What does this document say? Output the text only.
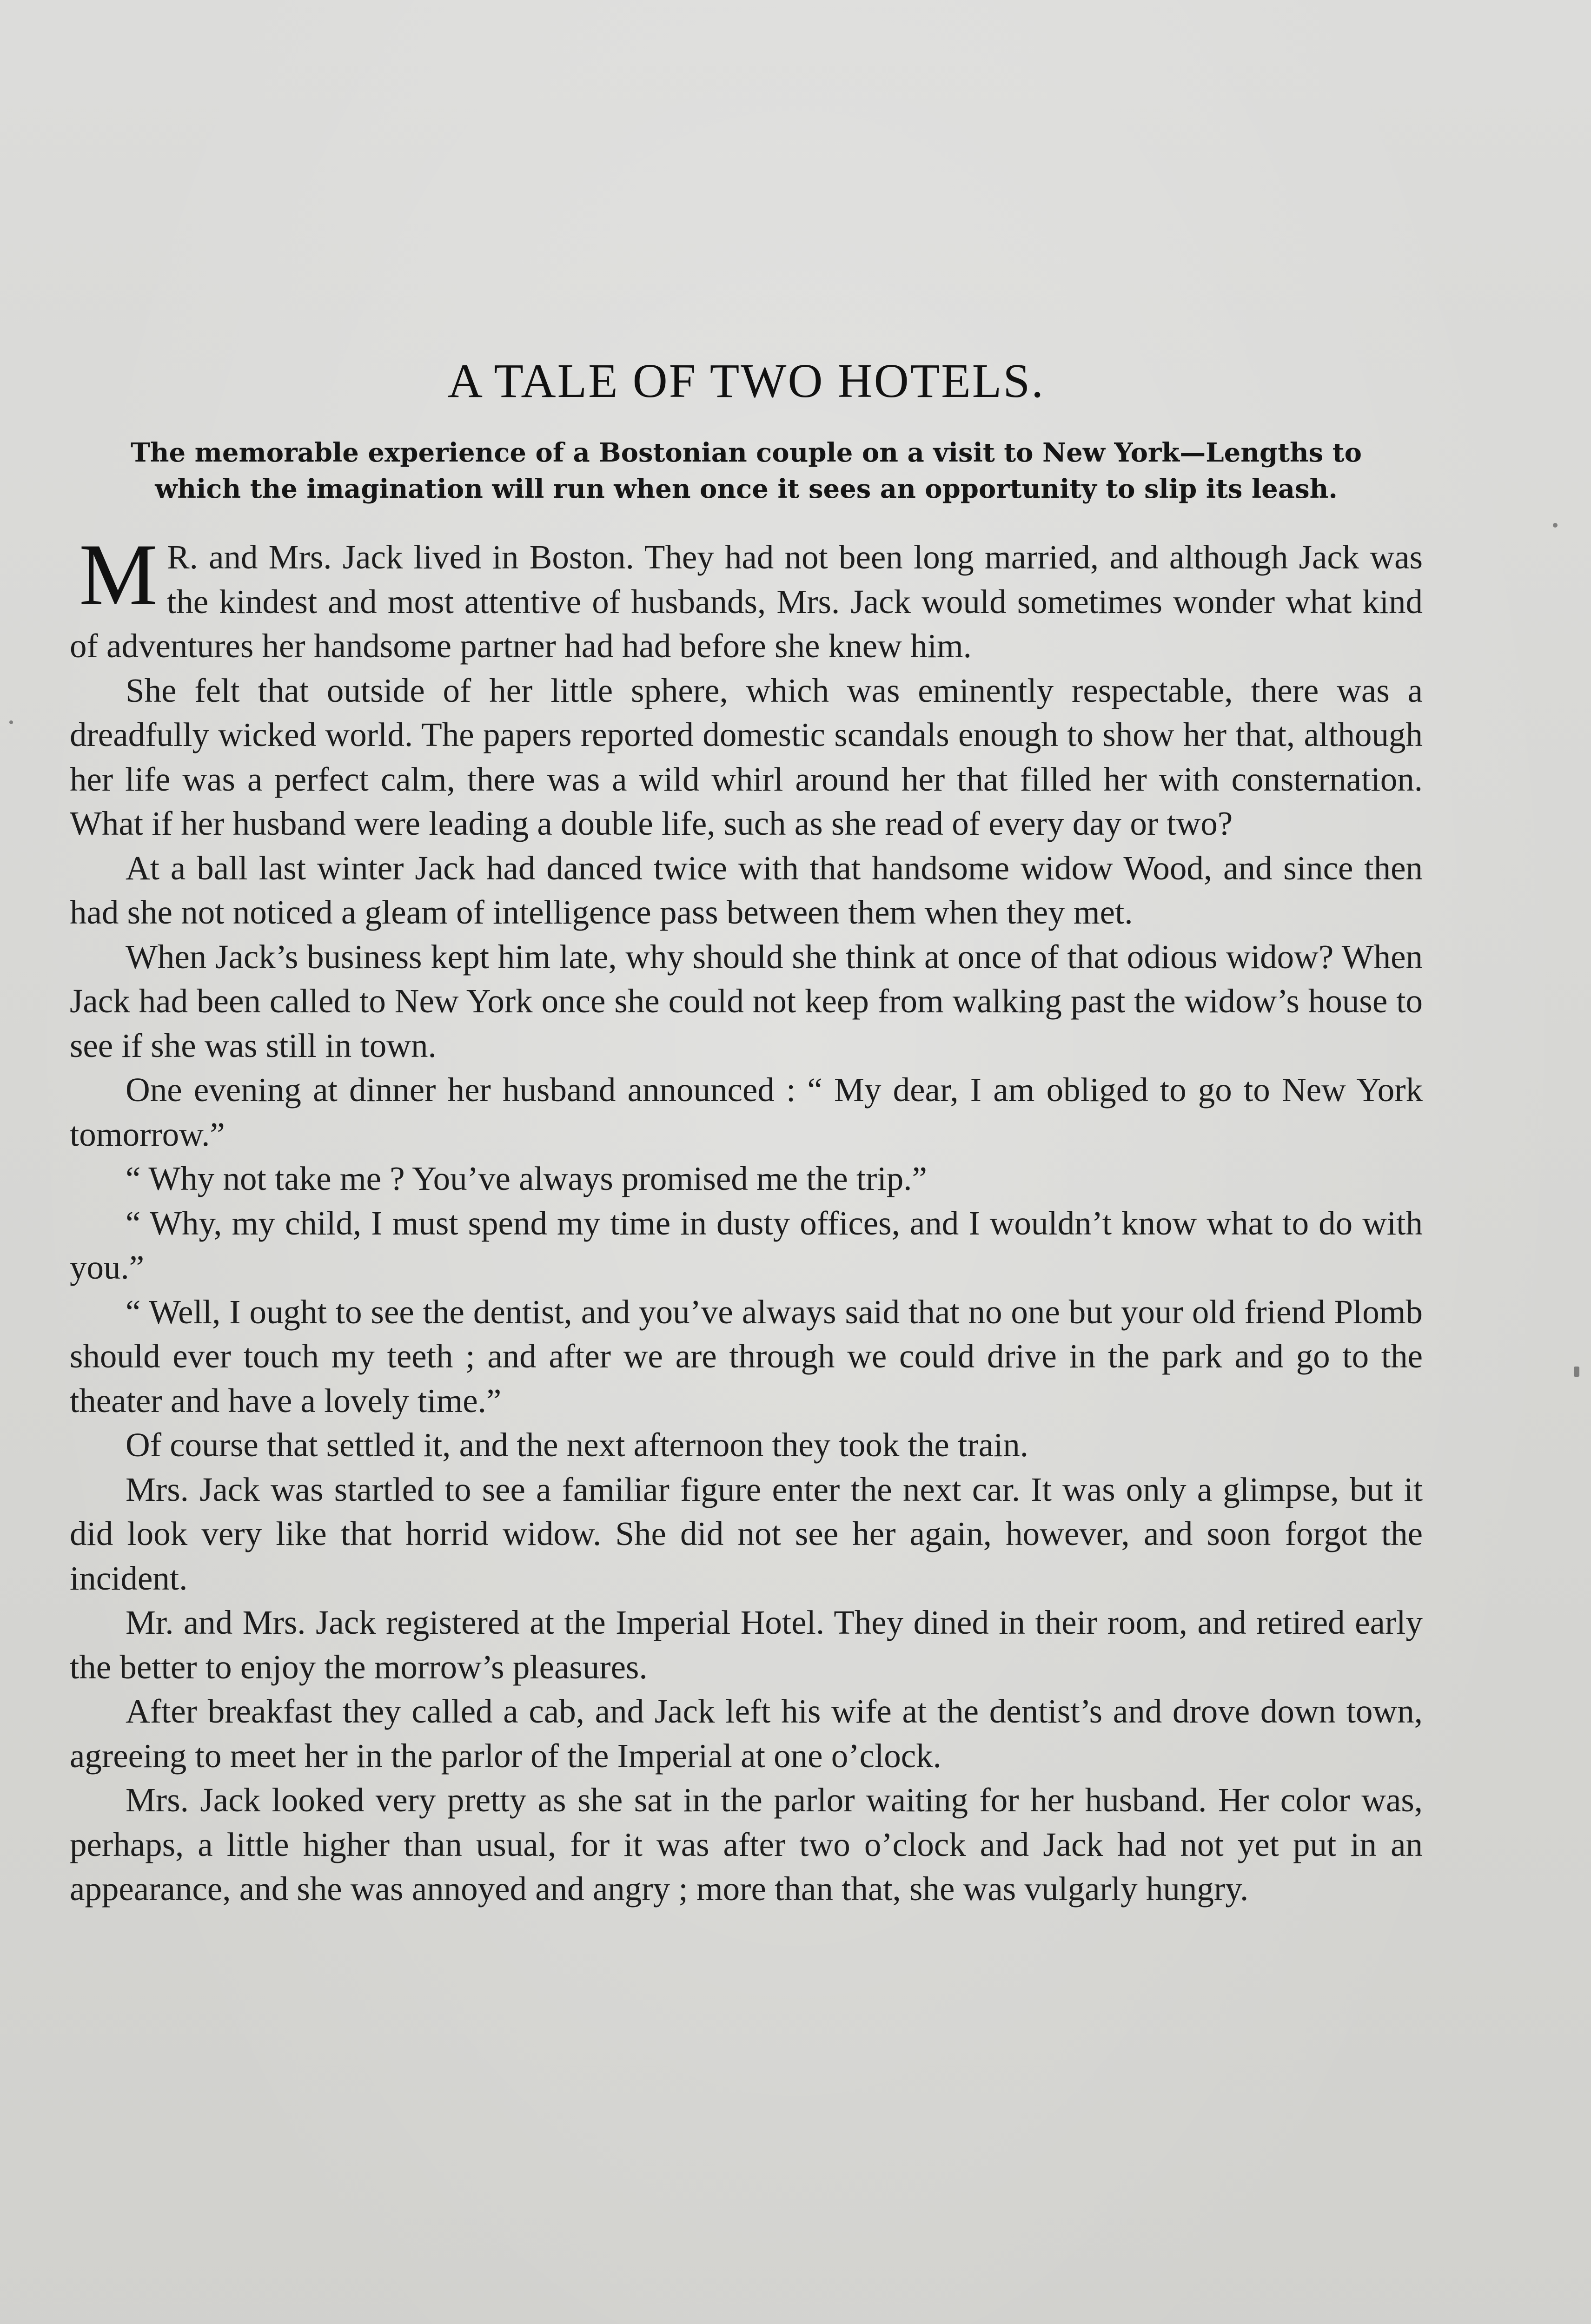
A TALE OF TWO HOTELS.

The memorable experience of a Bostonian couple on a visit to New York—Lengths to which the imagination will run when once it sees an opportunity to slip its leash.

M R. and Mrs. Jack lived in Boston. They had not been long married, and although Jack was the kindest and most attentive of husbands, Mrs. Jack would sometimes wonder what kind of adventures her handsome partner had had before she knew him.

She felt that outside of her little sphere, which was eminently respectable, there was a dreadfully wicked world. The papers reported domestic scandals enough to show her that, although her life was a perfect calm, there was a wild whirl around her that filled her with consternation. What if her husband were leading a double life, such as she read of every day or two?

At a ball last winter Jack had danced twice with that handsome widow Wood, and since then had she not noticed a gleam of intelligence pass between them when they met.

When Jack’s business kept him late, why should she think at once of that odious widow? When Jack had been called to New York once she could not keep from walking past the widow’s house to see if she was still in town.

One evening at dinner her husband announced : “ My dear, I am obliged to go to New York tomorrow.”

“ Why not take me ? You’ve always promised me the trip.”

“ Why, my child, I must spend my time in dusty offices, and I wouldn’t know what to do with you.”

“ Well, I ought to see the dentist, and you’ve always said that no one but your old friend Plomb should ever touch my teeth ; and after we are through we could drive in the park and go to the theater and have a lovely time.”

Of course that settled it, and the next afternoon they took the train.

Mrs. Jack was startled to see a familiar figure enter the next car. It was only a glimpse, but it did look very like that horrid widow. She did not see her again, however, and soon forgot the incident.

Mr. and Mrs. Jack registered at the Imperial Hotel. They dined in their room, and retired early the better to enjoy the morrow’s pleasures.

After breakfast they called a cab, and Jack left his wife at the dentist’s and drove down town, agreeing to meet her in the parlor of the Imperial at one o’clock.

Mrs. Jack looked very pretty as she sat in the parlor waiting for her husband. Her color was, perhaps, a little higher than usual, for it was after two o’clock and Jack had not yet put in an appearance, and she was annoyed and angry ; more than that, she was vulgarly hungry.
